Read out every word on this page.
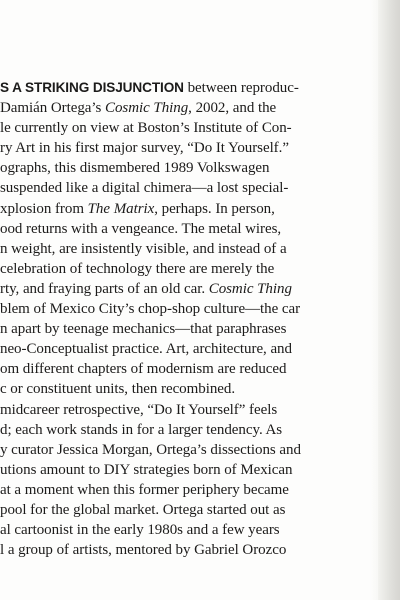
S A STRIKING DISJUNCTION between reproduc-
Damián Ortega’s Cosmic Thing, 2002, and the
le currently on view at Boston’s Institute of Con-
ry Art in his first major survey, “Do It Yourself.”
ographs, this dismembered 1989 Volkswagen
suspended like a digital chimera—a lost special-
xplosion from The Matrix, perhaps. In person,
ood returns with a vengeance. The metal wires,
n weight, are insistently visible, and instead of a
celebration of technology there are merely the
rty, and fraying parts of an old car. Cosmic Thing
blem of Mexico City’s chop-shop culture—the car
n apart by teenage mechanics—that paraphrases
neo-Conceptualist practice. Art, architecture, and
om different chapters of modernism are reduced
c or constituent units, then recombined.
midcareer retrospective, “Do It Yourself” feels
d; each work stands in for a larger tendency. As
y curator Jessica Morgan, Ortega’s dissections and
utions amount to DIY strategies born of Mexican
at a moment when this former periphery became
pool for the global market. Ortega started out as
al cartoonist in the early 1980s and a few years
l a group of artists, mentored by Gabriel Orozco
